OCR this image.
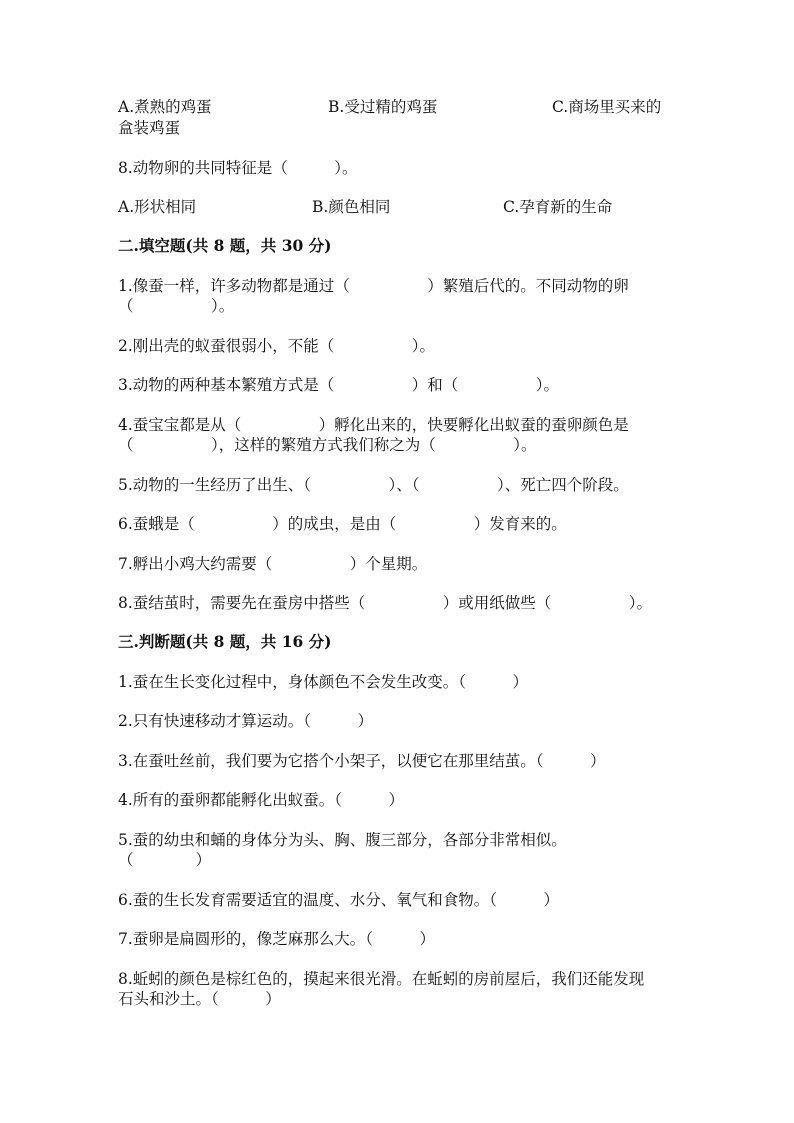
A.煮熟的鸡蛋	B.受过精的鸡蛋	C.商场里买来的
盒装鸡蛋
8.动物卵的共同特征是（　　　）。
A.形状相同	B.颜色相同	C.孕育新的生命
二.填空题(共 8 题，共 30 分)
1.像蚕一样，许多动物都是通过（　　　　　）繁殖后代的。不同动物的卵
（　　　　　）。
2.刚出壳的蚁蚕很弱小，不能（　　　　　）。
3.动物的两种基本繁殖方式是（　　　　　）和（　　　　　）。
4.蚕宝宝都是从（　　　　　）孵化出来的，快要孵化出蚁蚕的蚕卵颜色是
（　　　　　），这样的繁殖方式我们称之为（　　　　　）。
5.动物的一生经历了出生、（　　　　　）、（　　　　　）、死亡四个阶段。
6.蚕蛾是（　　　　　）的成虫，是由（　　　　　）发育来的。
7.孵出小鸡大约需要（　　　　　）个星期。
8.蚕结茧时，需要先在蚕房中搭些（　　　　　）或用纸做些（　　　　　）。
三.判断题(共 8 题，共 16 分)
1.蚕在生长变化过程中，身体颜色不会发生改变。（　　　）
2.只有快速移动才算运动。（　　　）
3.在蚕吐丝前，我们要为它搭个小架子，以便它在那里结茧。（　　　）
4.所有的蚕卵都能孵化出蚁蚕。（　　　）
5.蚕的幼虫和蛹的身体分为头、胸、腹三部分，各部分非常相似。
（　　　　）
6.蚕的生长发育需要适宜的温度、水分、氧气和食物。（　　　）
7.蚕卵是扁圆形的，像芝麻那么大。（　　　）
8.蚯蚓的颜色是棕红色的，摸起来很光滑。在蚯蚓的房前屋后，我们还能发现
石头和沙土。（　　　）
